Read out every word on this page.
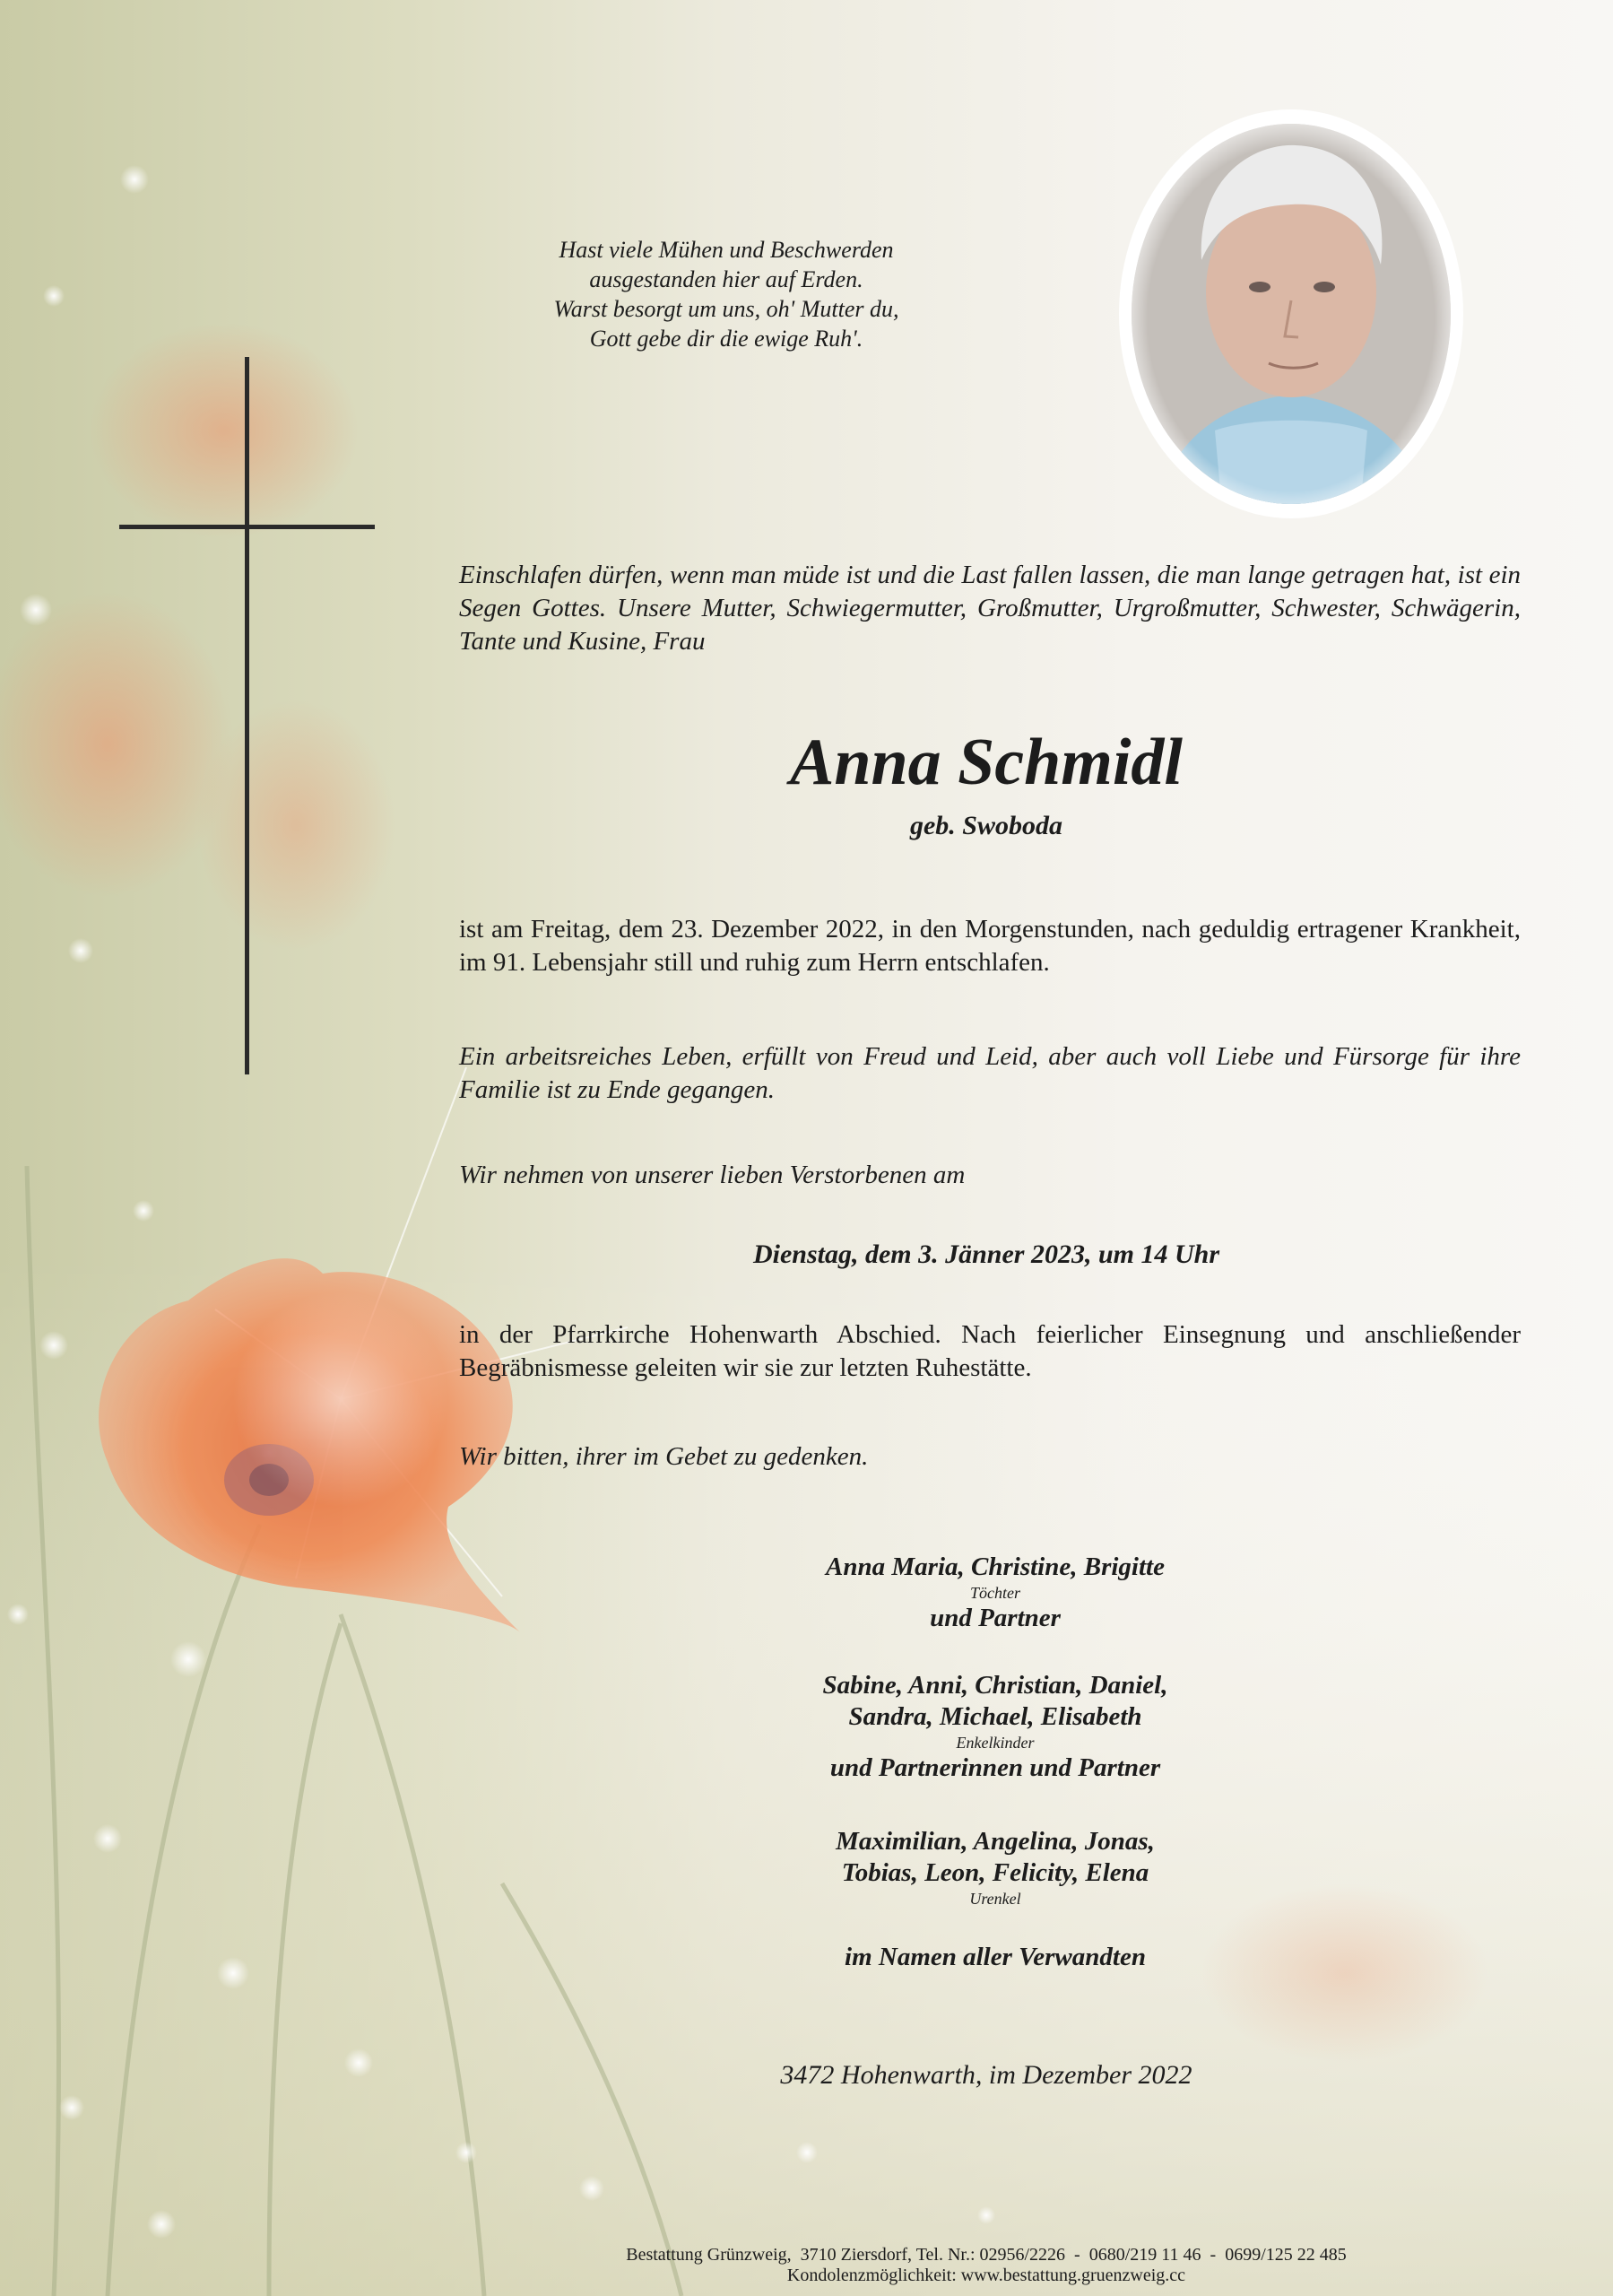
Hast viele Mühen und Beschwerden
ausgestanden hier auf Erden.
Warst besorgt um uns, oh' Mutter du,
Gott gebe dir die ewige Ruh'.
Einschlafen dürfen, wenn man müde ist und die Last fallen lassen, die man lange getragen hat, ist ein Segen Gottes. Unsere Mutter, Schwiegermutter, Großmutter, Urgroßmutter, Schwester, Schwägerin, Tante und Kusine, Frau
Anna Schmidl
geb. Swoboda
ist am Freitag, dem 23. Dezember 2022, in den Morgenstunden, nach geduldig ertragener Krankheit, im 91. Lebensjahr still und ruhig zum Herrn entschlafen.
Ein arbeitsreiches Leben, erfüllt von Freud und Leid, aber auch voll Liebe und Fürsorge für ihre Familie ist zu Ende gegangen.
Wir nehmen von unserer lieben Verstorbenen am
Dienstag, dem 3. Jänner 2023, um 14 Uhr
in der Pfarrkirche Hohenwarth Abschied. Nach feierlicher Einsegnung und anschließender Begräbnismesse geleiten wir sie zur letzten Ruhestätte.
Wir bitten, ihrer im Gebet zu gedenken.
Anna Maria, Christine, Brigitte
Töchter
und Partner
Sabine, Anni, Christian, Daniel,
Sandra, Michael, Elisabeth
Enkelkinder
und Partnerinnen und Partner
Maximilian, Angelina, Jonas,
Tobias, Leon, Felicity, Elena
Urenkel
im Namen aller Verwandten
3472 Hohenwarth, im Dezember 2022
Bestattung Grünzweig,  3710 Ziersdorf, Tel. Nr.: 02956/2226  -  0680/219 11 46  -  0699/125 22 485
Kondolenzmöglichkeit: www.bestattung.gruenzweig.cc
